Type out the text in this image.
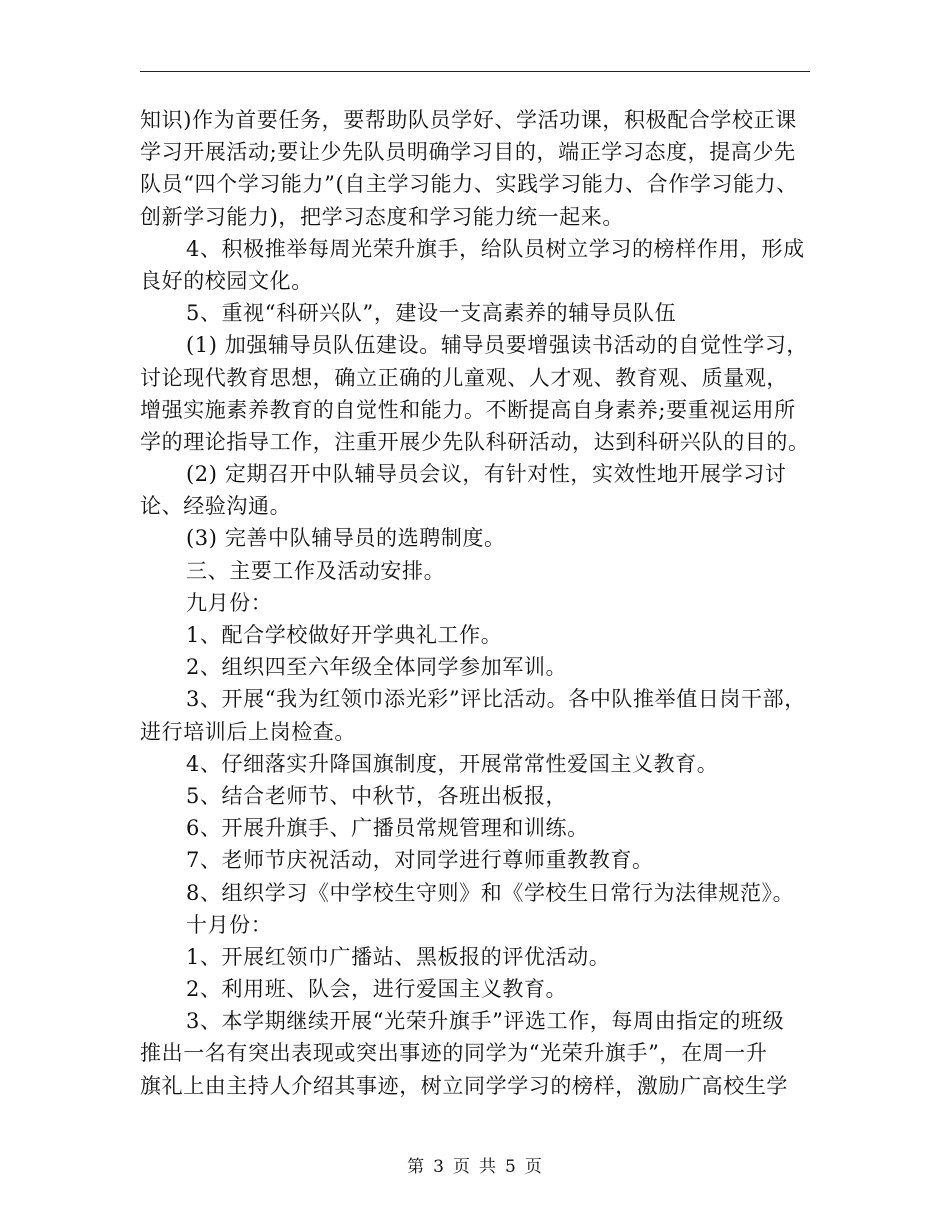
知识)作为首要任务，要帮助队员学好、学活功课，积极配合学校正课
学习开展活动;要让少先队员明确学习目的，端正学习态度，提高少先
队员“四个学习能力”(自主学习能力、实践学习能力、合作学习能力、
创新学习能力)，把学习态度和学习能力统一起来。
4、积极推举每周光荣升旗手，给队员树立学习的榜样作用，形成
良好的校园文化。
5、重视“科研兴队”，建设一支高素养的辅导员队伍
(1) 加强辅导员队伍建设。辅导员要增强读书活动的自觉性学习，
讨论现代教育思想，确立正确的儿童观、人才观、教育观、质量观，
增强实施素养教育的自觉性和能力。不断提高自身素养;要重视运用所
学的理论指导工作，注重开展少先队科研活动，达到科研兴队的目的。
(2) 定期召开中队辅导员会议，有针对性，实效性地开展学习讨
论、经验沟通。
(3) 完善中队辅导员的选聘制度。
三、主要工作及活动安排。
九月份：
1、配合学校做好开学典礼工作。
2、组织四至六年级全体同学参加军训。
3、开展“我为红领巾添光彩”评比活动。各中队推举值日岗干部，
进行培训后上岗检查。
4、仔细落实升降国旗制度，开展常常性爱国主义教育。
5、结合老师节、中秋节，各班出板报，
6、开展升旗手、广播员常规管理和训练。
7、老师节庆祝活动，对同学进行尊师重教教育。
8、组织学习《中学校生守则》和《学校生日常行为法律规范》。
十月份：
1、开展红领巾广播站、黑板报的评优活动。
2、利用班、队会，进行爱国主义教育。
3、本学期继续开展“光荣升旗手”评选工作，每周由指定的班级
推出一名有突出表现或突出事迹的同学为“光荣升旗手”，在周一升
旗礼上由主持人介绍其事迹，树立同学学习的榜样，激励广高校生学
第 3 页 共 5 页
